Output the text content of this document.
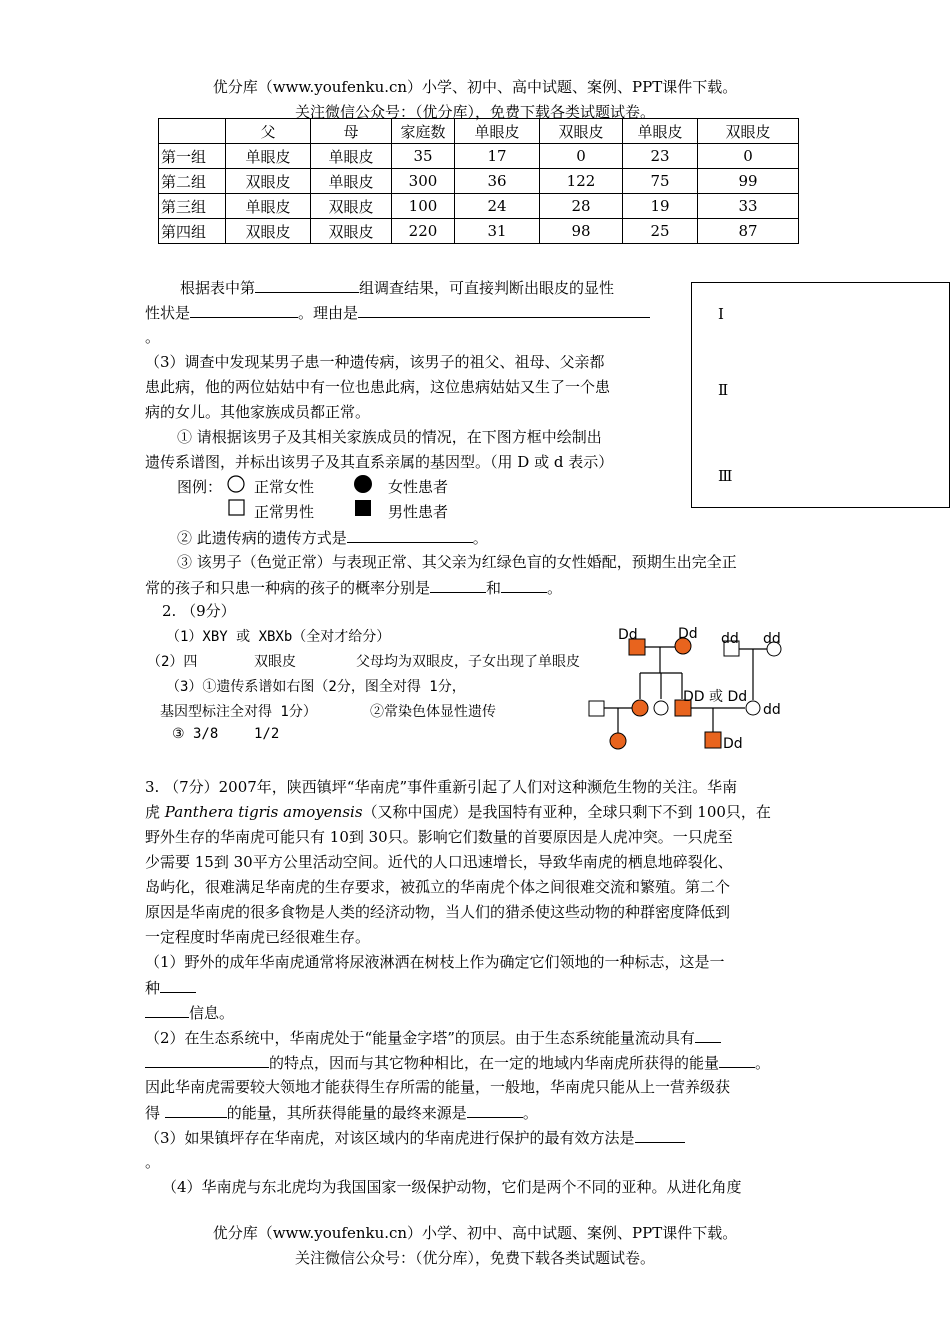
优分库（www.youfenku.cn）小学、初中、高中试题、案例、PPT课件下载。
关注微信公众号：（优分库），免费下载各类试题试卷。
	父	母	家庭数	单眼皮	双眼皮	单眼皮	双眼皮
第一组	单眼皮	单眼皮	35	17	0	23	0
第二组	双眼皮	单眼皮	300	36	122	75	99
第三组	单眼皮	双眼皮	100	24	28	19	33
第四组	双眼皮	双眼皮	220	31	98	25	87
根据表中第	组调查结果，可直接判断出眼皮的显性
性状是	。理由是
。
Ⅰ
Ⅱ
Ⅲ
（3）调查中发现某男子患一种遗传病，该男子的祖父、祖母、父亲都
患此病，他的两位姑姑中有一位也患此病，这位患病姑姑又生了一个患
病的女儿。其他家族成员都正常。
① 请根据该男子及其相关家族成员的情况，在下图方框中绘制出
遗传系谱图，并标出该男子及其直系亲属的基因型。（用 D 或 d 表示）
图例： 正常女性	女性患者
正常男性	男性患者
② 此遗传病的遗传方式是	。
③ 该男子（色觉正常）与表现正常、其父亲为红绿色盲的女性婚配，预期生出完全正
常的孩子和只患一种病的孩子的概率分别是	和	。
2. （9分）
（1）XBY 或 XBXb（全对才给分）
（2）四	双眼皮	父母均为双眼皮，子女出现了单眼皮
（3）①遗传系谱如右图（2分，图全对得 1分，
基因型标注全对得 1分）	②常染色体显性遗传
③ 3/8	1/2
Dd	Dd dd dd
DD 或 Dd
dd
Dd
3. （7分）2007年，陕西镇坪“华南虎”事件重新引起了人们对这种濒危生物的关注。华南
虎 Panthera tigris amoyensis（又称中国虎）是我国特有亚种，全球只剩下不到 100只，在
野外生存的华南虎可能只有 10到 30只。影响它们数量的首要原因是人虎冲突。一只虎至
少需要 15到 30平方公里活动空间。近代的人口迅速增长，导致华南虎的栖息地碎裂化、
岛屿化，很难满足华南虎的生存要求，被孤立的华南虎个体之间很难交流和繁殖。第二个
原因是华南虎的很多食物是人类的经济动物，当人们的猎杀使这些动物的种群密度降低到
一定程度时华南虎已经很难生存。
（1）野外的成年华南虎通常将尿液淋洒在树枝上作为确定它们领地的一种标志，这是一
种
信息。
（2）在生态系统中，华南虎处于“能量金字塔”的顶层。由于生态系统能量流动具有
的特点，因而与其它物种相比，在一定的地域内华南虎所获得的能量 。
因此华南虎需要较大领地才能获得生存所需的能量，一般地，华南虎只能从上一营养级获
得	的能量，其所获得能量的最终来源是	。
（3）如果镇坪存在华南虎，对该区域内的华南虎进行保护的最有效方法是
。
（4）华南虎与东北虎均为我国国家一级保护动物，它们是两个不同的亚种。从进化角度
优分库（www.youfenku.cn）小学、初中、高中试题、案例、PPT课件下载。
关注微信公众号：（优分库），免费下载各类试题试卷。
